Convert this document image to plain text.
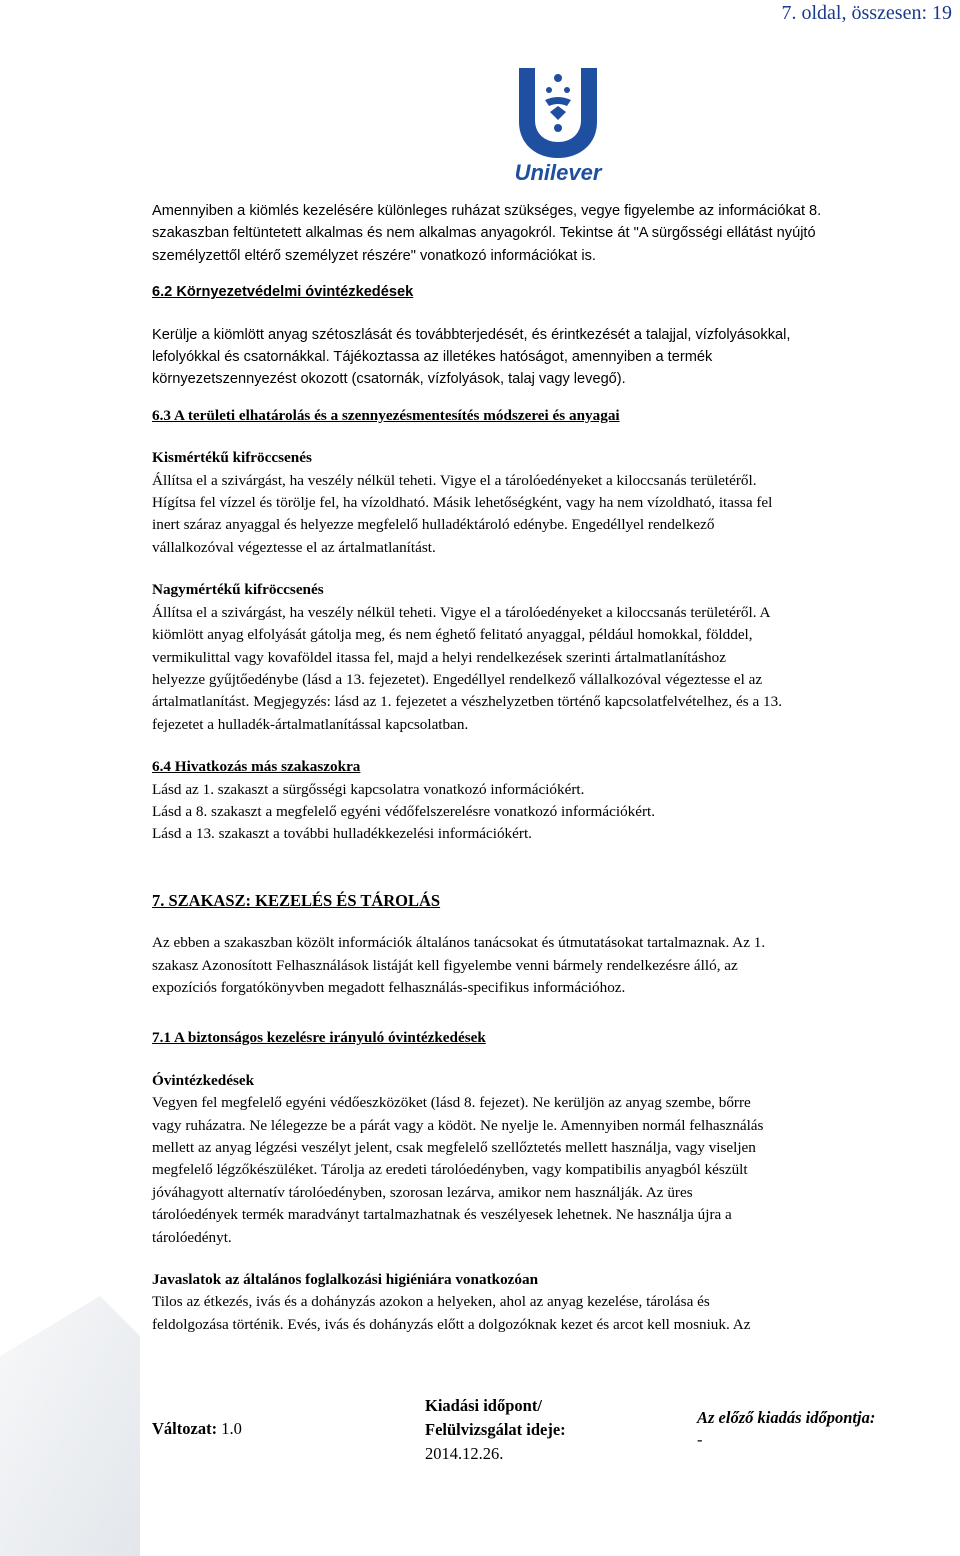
7. oldal, összesen: 19
Unilever

Amennyiben a kiömlés kezelésére különleges ruházat szükséges, vegye figyelembe az információkat 8.

szakaszban feltüntetett alkalmas és nem alkalmas anyagokról. Tekintse át "A sürgősségi ellátást nyújtó

személyzettől eltérő személyzet részére" vonatkozó információkat is.

6.2 Környezetvédelmi óvintézkedések

Kerülje a kiömlött anyag szétoszlását és továbbterjedését, és érintkezését a talajjal, vízfolyásokkal,

lefolyókkal és csatornákkal. Tájékoztassa az illetékes hatóságot, amennyiben a termék

környezetszennyezést okozott (csatornák, vízfolyások, talaj vagy levegő).

6.3 A területi elhatárolás és a szennyezésmentesítés módszerei és anyagai

Kismértékű kifröccsenés

Állítsa el a szivárgást, ha veszély nélkül teheti. Vigye el a tárolóedényeket a kiloccsanás területéről.

Hígítsa fel vízzel és törölje fel, ha vízoldható. Másik lehetőségként, vagy ha nem vízoldható, itassa fel

inert száraz anyaggal és helyezze megfelelő hulladéktároló edénybe. Engedéllyel rendelkező

vállalkozóval végeztesse el az ártalmatlanítást.

Nagymértékű kifröccsenés

Állítsa el a szivárgást, ha veszély nélkül teheti. Vigye el a tárolóedényeket a kiloccsanás területéről. A

kiömlött anyag elfolyását gátolja meg, és nem éghető felitató anyaggal, például homokkal, földdel,

vermikulittal vagy kovaföldel itassa fel, majd a helyi rendelkezések szerinti ártalmatlanításhoz

helyezze gyűjtőedénybe (lásd a 13. fejezetet). Engedéllyel rendelkező vállalkozóval végeztesse el az

ártalmatlanítást. Megjegyzés: lásd az 1. fejezetet a vészhelyzetben történő kapcsolatfelvételhez, és a 13.

fejezetet a hulladék-ártalmatlanítással kapcsolatban.

6.4 Hivatkozás más szakaszokra

Lásd az 1. szakaszt a sürgősségi kapcsolatra vonatkozó információkért.

Lásd a 8. szakaszt a megfelelő egyéni védőfelszerelésre vonatkozó információkért.

Lásd a 13. szakaszt a további hulladékkezelési információkért.

7. SZAKASZ: KEZELÉS ÉS TÁROLÁS

Az ebben a szakaszban közölt információk általános tanácsokat és útmutatásokat tartalmaznak. Az 1.

szakasz Azonosított Felhasználások listáját kell figyelembe venni bármely rendelkezésre álló, az

expozíciós forgatókönyvben megadott felhasználás-specifikus információhoz.

7.1 A biztonságos kezelésre irányuló óvintézkedések

Óvintézkedések

Vegyen fel megfelelő egyéni védőeszközöket (lásd 8. fejezet). Ne kerüljön az anyag szembe, bőrre

vagy ruházatra. Ne lélegezze be a párát vagy a ködöt. Ne nyelje le. Amennyiben normál felhasználás

mellett az anyag légzési veszélyt jelent, csak megfelelő szellőztetés mellett használja, vagy viseljen

megfelelő légzőkészüléket. Tárolja az eredeti tárolóedényben, vagy kompatibilis anyagból készült

jóváhagyott alternatív tárolóedényben, szorosan lezárva, amikor nem használják. Az üres

tárolóedények termék maradványt tartalmazhatnak és veszélyesek lehetnek. Ne használja újra a

tárolóedényt.

Javaslatok az általános foglalkozási higiéniára vonatkozóan

Tilos az étkezés, ivás és a dohányzás azokon a helyeken, ahol az anyag kezelése, tárolása és

feldolgozása történik. Evés, ivás és dohányzás előtt a dolgozóknak kezet és arcot kell mosniuk. Az

Változat: 1.0
Kiadási időpont/
Felülvizsgálat ideje:
2014.12.26.
Az előző kiadás időpontja:
-
